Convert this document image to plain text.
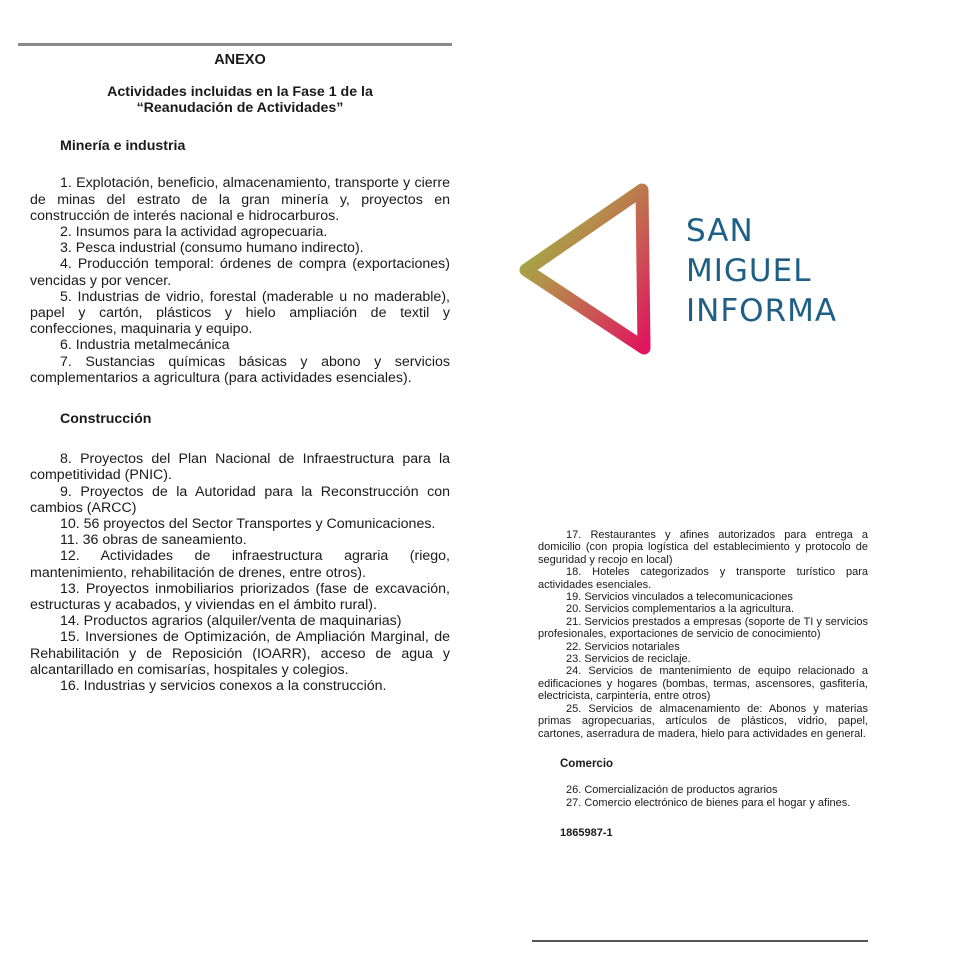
ANEXO
Actividades incluidas en la Fase 1 de la
“Reanudación de Actividades”
Minería e industria

1. Explotación, beneficio, almacenamiento, transporte y cierre de minas del estrato de la gran minería y, proyectos en construcción de interés nacional e hidrocarburos.

2. Insumos para la actividad agropecuaria.

3. Pesca industrial (consumo humano indirecto).

4. Producción temporal: órdenes de compra (exportaciones) vencidas y por vencer.

5. Industrias de vidrio, forestal (maderable u no maderable), papel y cartón, plásticos y hielo ampliación de textil y confecciones, maquinaria y equipo.

6. Industria metalmecánica

7. Sustancias químicas básicas y abono y servicios complementarios a agricultura (para actividades esenciales).

Construcción

8. Proyectos del Plan Nacional de Infraestructura para la competitividad (PNIC).

9. Proyectos de la Autoridad para la Reconstrucción con cambios (ARCC)

10. 56 proyectos del Sector Transportes y Comunicaciones.

11. 36 obras de saneamiento.

12. Actividades de infraestructura agraria (riego, mantenimiento, rehabilitación de drenes, entre otros).

13. Proyectos inmobiliarios priorizados (fase de excavación, estructuras y acabados, y viviendas en el ámbito rural).

14. Productos agrarios (alquiler/venta de maquinarias)

15. Inversiones de Optimización, de Ampliación Marginal, de Rehabilitación y de Reposición (IOARR), acceso de agua y alcantarillado en comisarías, hospitales y colegios.

16. Industrias y servicios conexos a la construcción.

SAN
MIGUEL
INFORMA

17. Restaurantes y afines autorizados para entrega a domicilio (con propia logística del establecimiento y protocolo de seguridad y recojo en local)

18. Hoteles categorizados y transporte turístico para actividades esenciales.

19. Servicios vinculados a telecomunicaciones

20. Servicios complementarios a la agricultura.

21. Servicios prestados a empresas (soporte de TI y servicios profesionales, exportaciones de servicio de conocimiento)

22. Servicios notariales

23. Servicios de reciclaje.

24. Servicios de mantenimiento de equipo relacionado a edificaciones y hogares (bombas, termas, ascensores, gasfitería, electricista, carpintería, entre otros)

25. Servicios de almacenamiento de: Abonos y materias primas agropecuarias, artículos de plásticos, vidrio, papel, cartones, aserradura de madera, hielo para actividades en general.

Comercio

26. Comercialización de productos agrarios

27. Comercio electrónico de bienes para el hogar y afines.

1865987-1
